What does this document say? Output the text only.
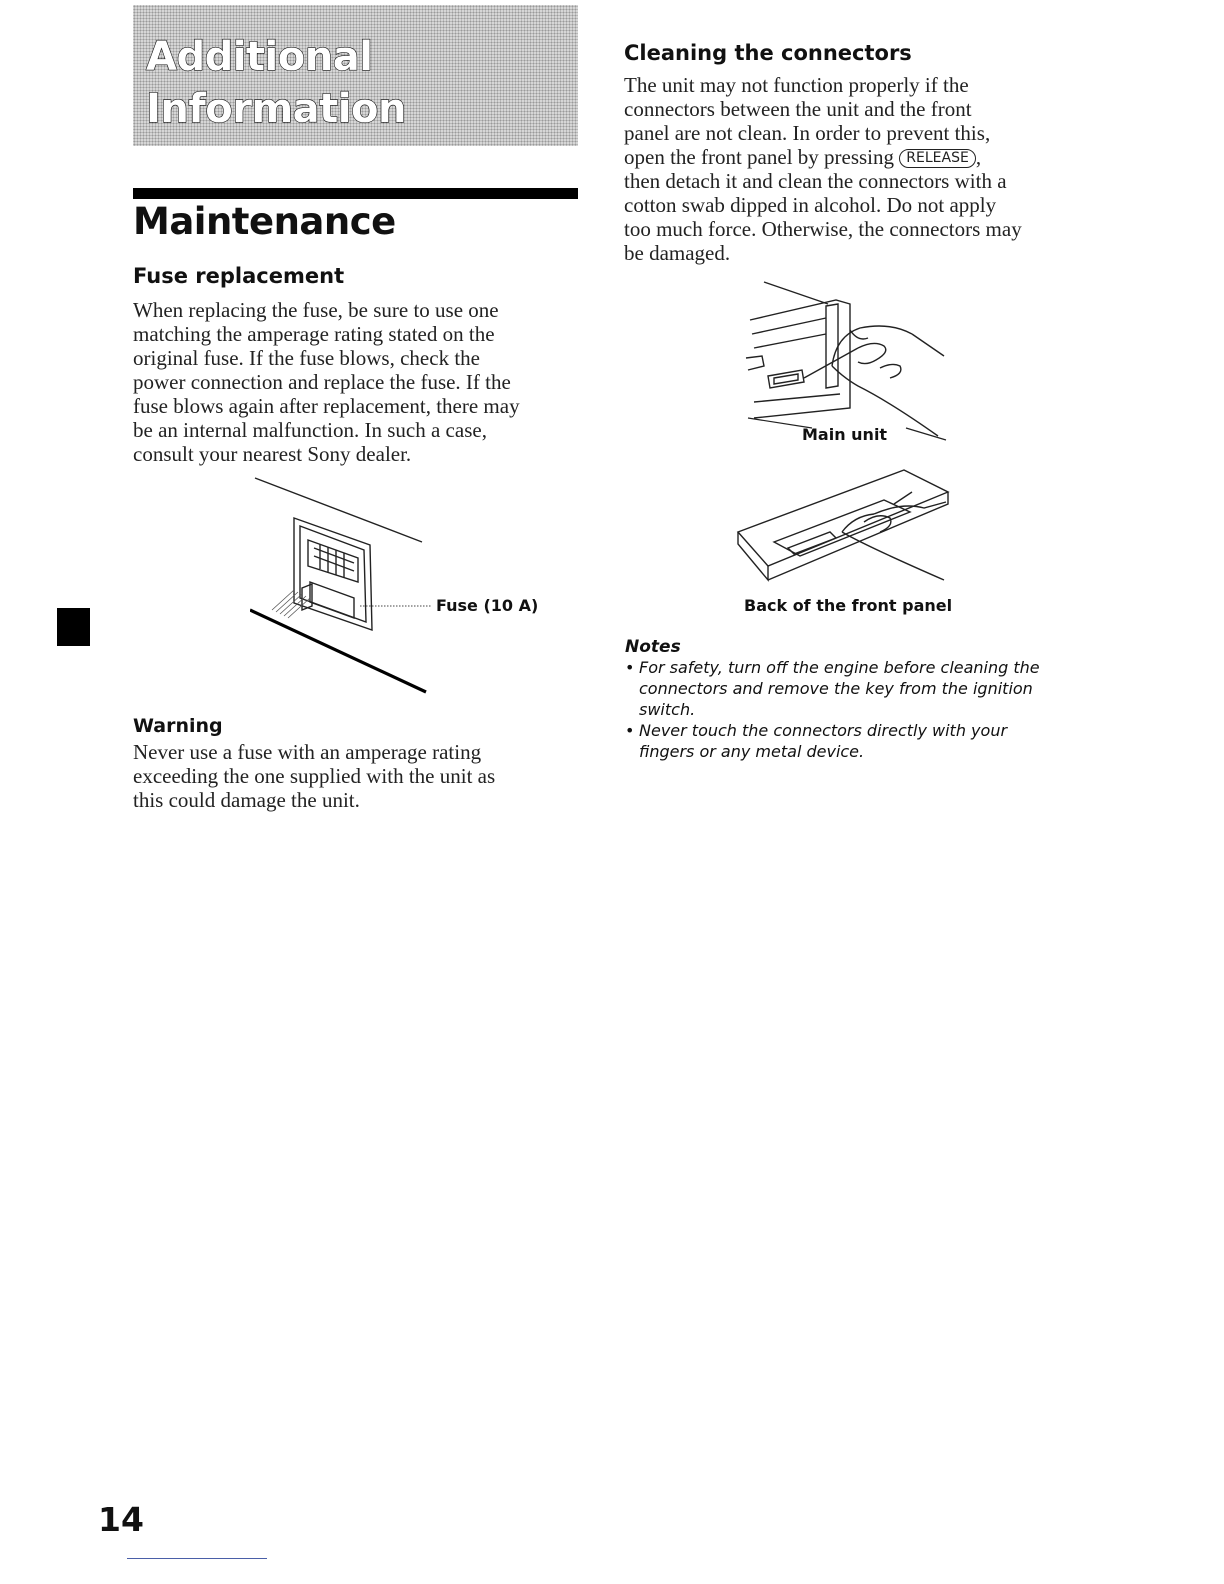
Additional
Information
Maintenance
Fuse replacement
When replacing the fuse, be sure to use one
matching the amperage rating stated on the
original fuse. If the fuse blows, check the
power connection and replace the fuse. If the
fuse blows again after replacement, there may
be an internal malfunction. In such a case,
consult your nearest Sony dealer.
Fuse (10 A)
Warning
Never use a fuse with an amperage rating
exceeding the one supplied with the unit as
this could damage the unit.
Cleaning the connectors
The unit may not function properly if the
connectors between the unit and the front
panel are not clean. In order to prevent this,
open the front panel by pressing RELEASE ,
then detach it and clean the connectors with a
cotton swab dipped in alcohol. Do not apply
too much force. Otherwise, the connectors may
be damaged.
Main unit
Back of the front panel
Notes
• For safety, turn off the engine before cleaning the connectors and remove the key from the ignition switch.
• Never touch the connectors directly with your fingers or any metal device.
14
